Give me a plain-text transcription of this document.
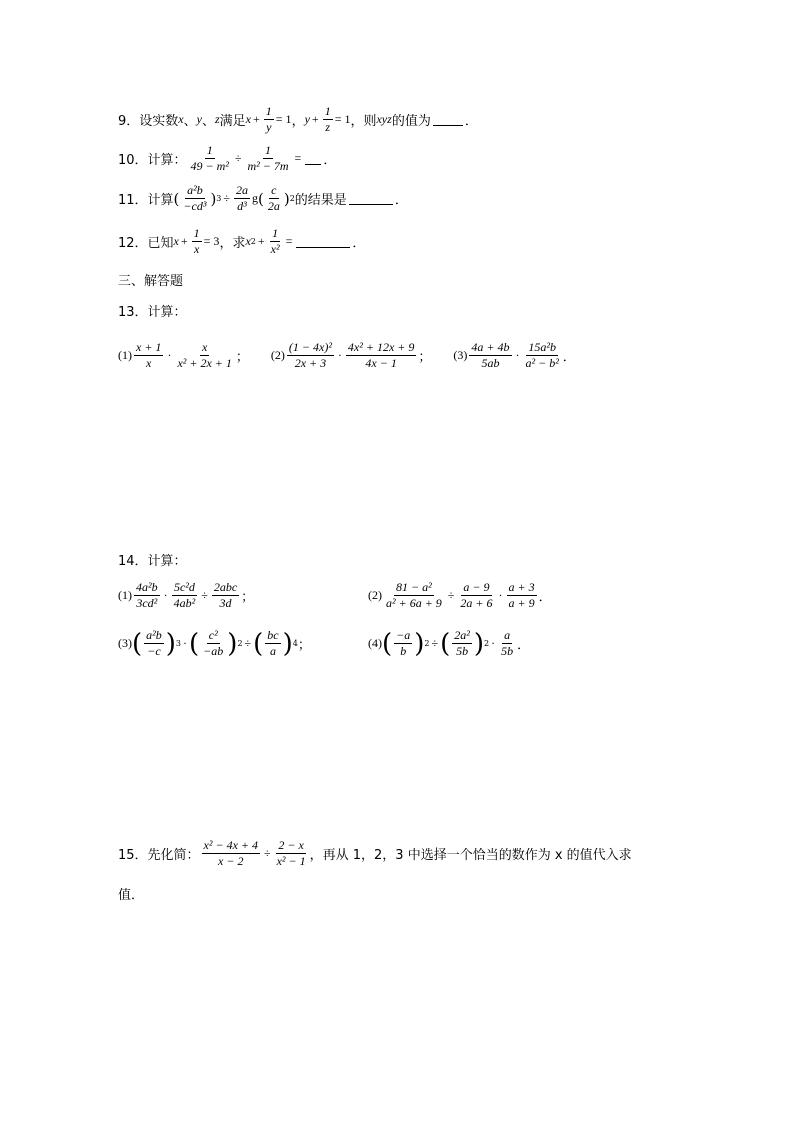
9． 设实数 x 、 y 、 z 满足 $x + \frac{1}{y} = 1$ ， $y + \frac{1}{z} = 1$ ，则 xyz 的值为	．
10．计算： $\frac{1}{\text{49 − m²}} \div \frac{1}{\text{m² − 7m}}$ = ．
11．计算 ( $\frac{\text{a²b}}{\text{−cd³}}$ ) $3 \div \frac{2a}{\text{d³}}$ g ( $\frac{c}{2a}$ ) 2 的结果是	．
12．已知 $x + \frac{1}{x} = 3$ ，求 x $2 + \frac{1}{\text{x²}}$ =	．
三、解答题
13．计算：
$(1) \frac{x + 1}{x} \cdot \frac{x}{\text{x² + 2x + 1}}$ ； $(2) \frac{\text{(1 − 4x)²}}{2x + 3} \cdot \frac{\text{4x² + 12x + 9}}{4x - 1}$ ； $(3) \frac{4a + 4b}{5ab} \cdot \frac{\text{15a²b}}{\text{a² − b²}}$ ．
14．计算：
$(1) \frac{\text{4a²b}}{\text{3cd²}} \cdot \frac{\text{5c²d}}{\text{4ab²}} \div \frac{\text{2abc}}{3d}$ ；	$(2) \frac{\text{81 − a²}}{\text{a² + 6a + 9}} \div \frac{a - 9}{2a + 6} \cdot \frac{a + 3}{a + 9}$ ．
(3) ( $\frac{\text{a²b}}{-c}$ ) 3 · ( $\frac{\text{c²}}{-ab}$ ) 2 ÷ ( $\frac{bc}{a}$ ) 4 ；	(4) ( $\frac{-a}{b}$ ) 2 ÷ ( $\frac{\text{2a²}}{5b}$ ) $2 \cdot \frac{a}{5b}$ ．
15．先化简： $\frac{\text{x² − 4x + 4}}{x - 2} \div \frac{2 - x}{\text{x² − 1}}$ ，再从 1，2，3 中选择一个恰当的数作为 x 的值代入求
值．
